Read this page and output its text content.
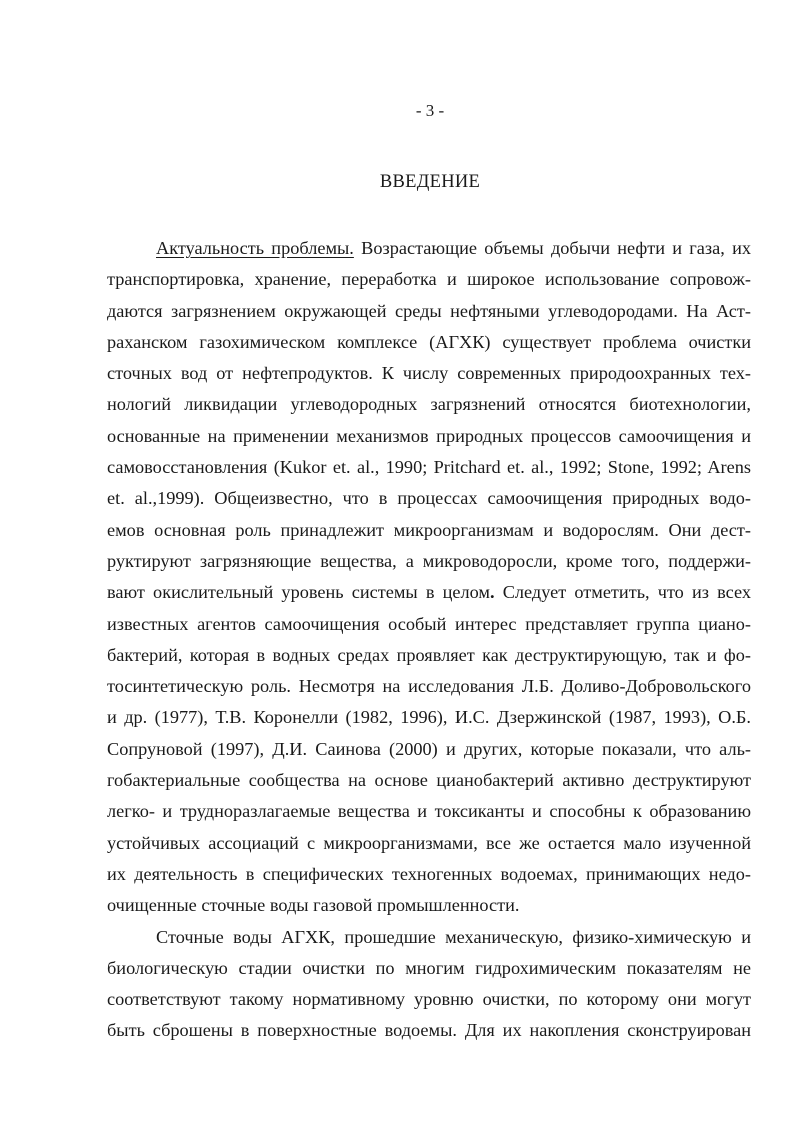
- 3 -
ВВЕДЕНИЕ
Актуальность проблемы. Возрастающие объемы добычи нефти и газа, их
транспортировка, хранение, переработка и широкое использование сопровож-
даются загрязнением окружающей среды нефтяными углеводородами. На Аст-
раханском газохимическом комплексе (АГХК) существует проблема очистки
сточных вод от нефтепродуктов. К числу современных природоохранных тех-
нологий ликвидации углеводородных загрязнений относятся биотехнологии,
основанные на применении механизмов природных процессов самоочищения и
самовосстановления (Kukor et. al., 1990; Pritchard et. al., 1992; Stone, 1992; Arens
et. al.,1999). Общеизвестно, что в процессах самоочищения природных водо-
емов основная роль принадлежит микроорганизмам и водорослям. Они дест-
руктируют загрязняющие вещества, а микроводоросли, кроме того, поддержи-
вают окислительный уровень системы в целом. Следует отметить, что из всех
известных агентов самоочищения особый интерес представляет группа циано-
бактерий, которая в водных средах проявляет как деструктирующую, так и фо-
тосинтетическую роль. Несмотря на исследования Л.Б. Доливо-Добровольского
и др. (1977), Т.В. Коронелли (1982, 1996), И.С. Дзержинской (1987, 1993), О.Б.
Сопруновой (1997), Д.И. Саинова (2000) и других, которые показали, что аль-
гобактериальные сообщества на основе цианобактерий активно деструктируют
легко- и трудноразлагаемые вещества и токсиканты и способны к образованию
устойчивых ассоциаций с микроорганизмами, все же остается мало изученной
их деятельность в специфических техногенных водоемах, принимающих недо-
очищенные сточные воды газовой промышленности.
Сточные воды АГХК, прошедшие механическую, физико-химическую и
биологическую стадии очистки по многим гидрохимическим показателям не
соответствуют такому нормативному уровню очистки, по которому они могут
быть сброшены в поверхностные водоемы. Для их накопления сконструирован
